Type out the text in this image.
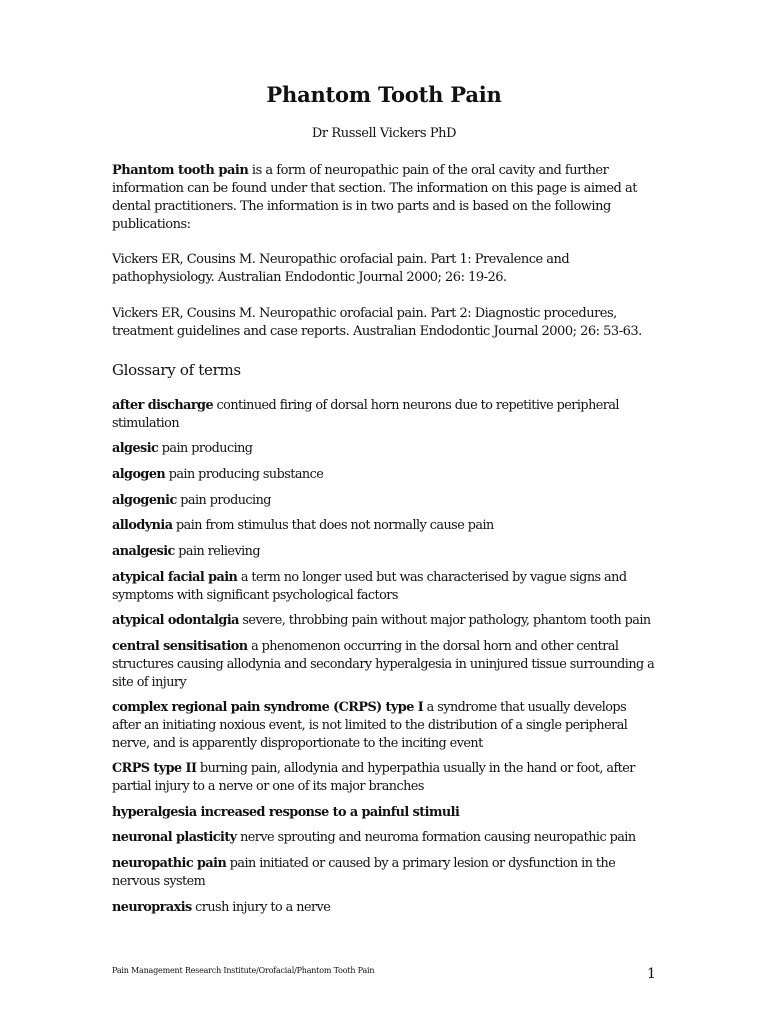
Phantom Tooth Pain
Dr Russell Vickers PhD
Phantom tooth pain is a form of neuropathic pain of the oral cavity and further information can be found under that section. The information on this page is aimed at dental practitioners. The information is in two parts and is based on the following publications:
Vickers ER, Cousins M. Neuropathic orofacial pain. Part 1: Prevalence and pathophysiology. Australian Endodontic Journal 2000; 26: 19-26.
Vickers ER, Cousins M. Neuropathic orofacial pain. Part 2: Diagnostic procedures, treatment guidelines and case reports. Australian Endodontic Journal 2000; 26: 53-63.
Glossary of terms
after discharge continued firing of dorsal horn neurons due to repetitive peripheral stimulation
algesic pain producing
algogen pain producing substance
algogenic pain producing
allodynia pain from stimulus that does not normally cause pain
analgesic pain relieving
atypical facial pain a term no longer used but was characterised by vague signs and symptoms with significant psychological factors
atypical odontalgia severe, throbbing pain without major pathology, phantom tooth pain
central sensitisation a phenomenon occurring in the dorsal horn and other central structures causing allodynia and secondary hyperalgesia in uninjured tissue surrounding a site of injury
complex regional pain syndrome (CRPS) type I a syndrome that usually develops after an initiating noxious event, is not limited to the distribution of a single peripheral nerve, and is apparently disproportionate to the inciting event
CRPS type II burning pain, allodynia and hyperpathia usually in the hand or foot, after partial injury to a nerve or one of its major branches
hyperalgesia increased response to a painful stimuli
neuronal plasticity nerve sprouting and neuroma formation causing neuropathic pain
neuropathic pain pain initiated or caused by a primary lesion or dysfunction in the nervous system
neuropraxis crush injury to a nerve
Pain Management Research Institute/Orofacial/Phantom Tooth Pain	1
